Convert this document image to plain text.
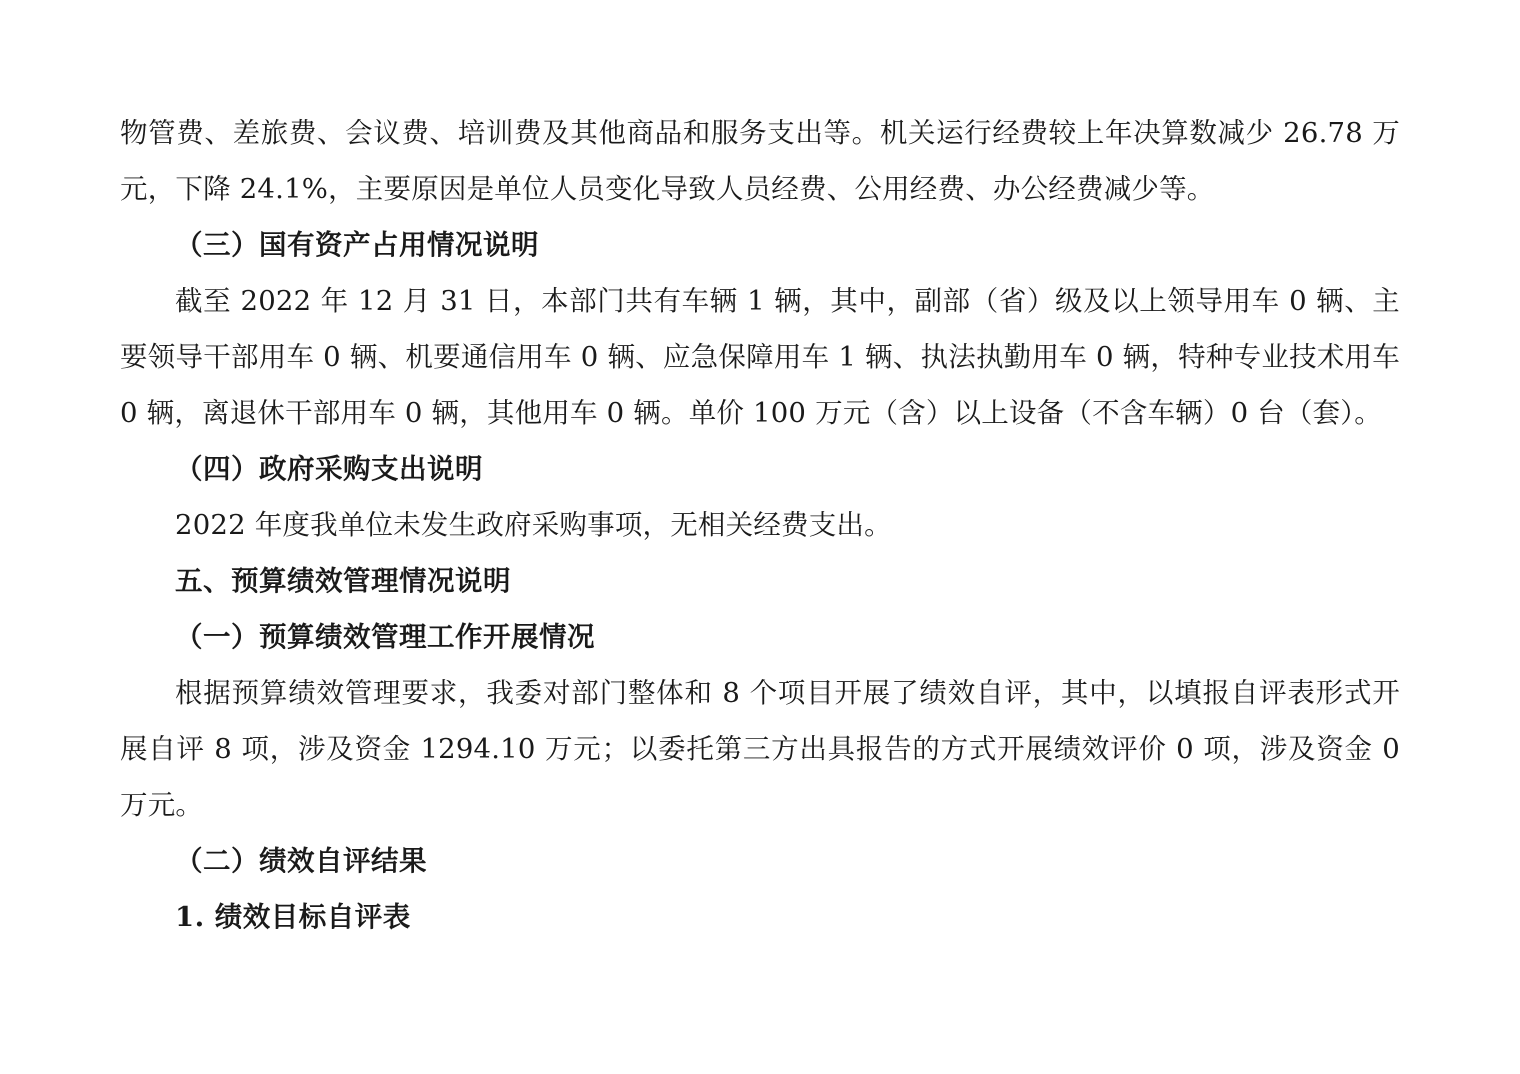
物管费、差旅费、会议费、培训费及其他商品和服务支出等。机关运行经费较上年决算数减少 26.78 万元，下降 24.1%，主要原因是单位人员变化导致人员经费、公用经费、办公经费减少等。

（三）国有资产占用情况说明

截至 2022 年 12 月 31 日，本部门共有车辆 1 辆，其中，副部（省）级及以上领导用车 0 辆、主要领导干部用车 0 辆、机要通信用车 0 辆、应急保障用车 1 辆、执法执勤用车 0 辆，特种专业技术用车 0 辆，离退休干部用车 0 辆，其他用车 0 辆。单价 100 万元（含）以上设备（不含车辆）0 台（套）。

（四）政府采购支出说明

2022 年度我单位未发生政府采购事项，无相关经费支出。

五、预算绩效管理情况说明

（一）预算绩效管理工作开展情况

根据预算绩效管理要求，我委对部门整体和 8 个项目开展了绩效自评，其中，以填报自评表形式开展自评 8 项，涉及资金 1294.10 万元；以委托第三方出具报告的方式开展绩效评价 0 项，涉及资金 0 万元。

（二）绩效自评结果

1. 绩效目标自评表
